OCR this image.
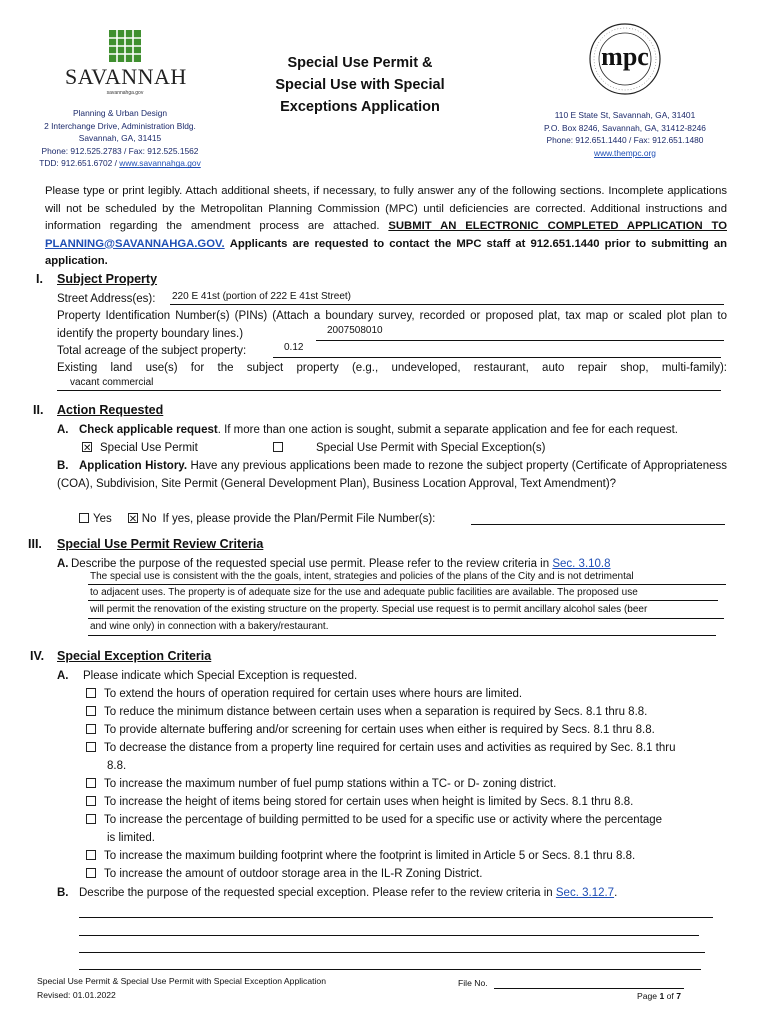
SAVANNAH
savannahga.gov
Planning & Urban Design
2 Interchange Drive, Administration Bldg.
Savannah, GA, 31415
Phone: 912.525.2783 / Fax: 912.525.1562
TDD: 912.651.6702 / www.savannahga.gov
Special Use Permit &
Special Use with Special
Exceptions Application
mpc
110 E State St, Savannah, GA, 31401
P.O. Box 8246, Savannah, GA, 31412-8246
Phone: 912.651.1440 / Fax: 912.651.1480
www.thempc.org
Please type or print legibly. Attach additional sheets, if necessary, to fully answer any of the following sections. Incomplete applications will not be scheduled by the Metropolitan Planning Commission (MPC) until deficiencies are corrected. Additional instructions and information regarding the amendment process are attached. SUBMIT AN ELECTRONIC COMPLETED APPLICATION TO PLANNING@SAVANNAHGA.GOV. Applicants are requested to contact the MPC staff at 912.651.1440 prior to submitting an application.
I. Subject Property
Street Address(es): 220 E 41st (portion of 222 E 41st Street)
Property Identification Number(s) (PINs) (Attach a boundary survey, recorded or proposed plat, tax map or scaled plot plan to identify the property boundary lines.)	2007508010
Total acreage of the subject property:	0.12
Existing land use(s) for the subject property (e.g., undeveloped, restaurant, auto repair shop, multi-family):
vacant commercial
II. Action Requested
A. Check applicable request. If more than one action is sought, submit a separate application and fee for each request.
✕Special Use Permit	Special Use Permit with Special Exception(s)
B. Application History. Have any previous applications been made to rezone the subject property (Certificate of Appropriateness (COA), Subdivision, Site Permit (General Development Plan), Business Location Approval, Text Amendment)?
Yes ✕	No If yes, please provide the Plan/Permit File Number(s):
III. Special Use Permit Review Criteria
A. Describe the purpose of the requested special use permit. Please refer to the review criteria in Sec. 3.10.8
The special use is consistent with the the goals, intent, strategies and policies of the plans of the City and is not detrimental
to adjacent uses. The property is of adequate size for the use and adequate public facilities are available. The proposed use
will permit the renovation of the existing structure on the property. Special use request is to permit ancillary alcohol sales (beer
and wine only) in connection with a bakery/restaurant.
IV. Special Exception Criteria
A. Please indicate which Special Exception is requested.
To extend the hours of operation required for certain uses where hours are limited.
To reduce the minimum distance between certain uses when a separation is required by Secs. 8.1 thru 8.8.
To provide alternate buffering and/or screening for certain uses when either is required by Secs. 8.1 thru 8.8.
To decrease the distance from a property line required for certain uses and activities as required by Sec. 8.1 thru
8.8.
To increase the maximum number of fuel pump stations within a TC- or D- zoning district.
To increase the height of items being stored for certain uses when height is limited by Secs. 8.1 thru 8.8.
To increase the percentage of building permitted to be used for a specific use or activity where the percentage
is limited.
To increase the maximum building footprint where the footprint is limited in Article 5 or Secs. 8.1 thru 8.8.
To increase the amount of outdoor storage area in the IL-R Zoning District.
B. Describe the purpose of the requested special exception. Please refer to the review criteria in Sec. 3.12.7.
Special Use Permit & Special Use Permit with Special Exception Application
Revised: 01.01.2022
File No.
Page 1 of 7
